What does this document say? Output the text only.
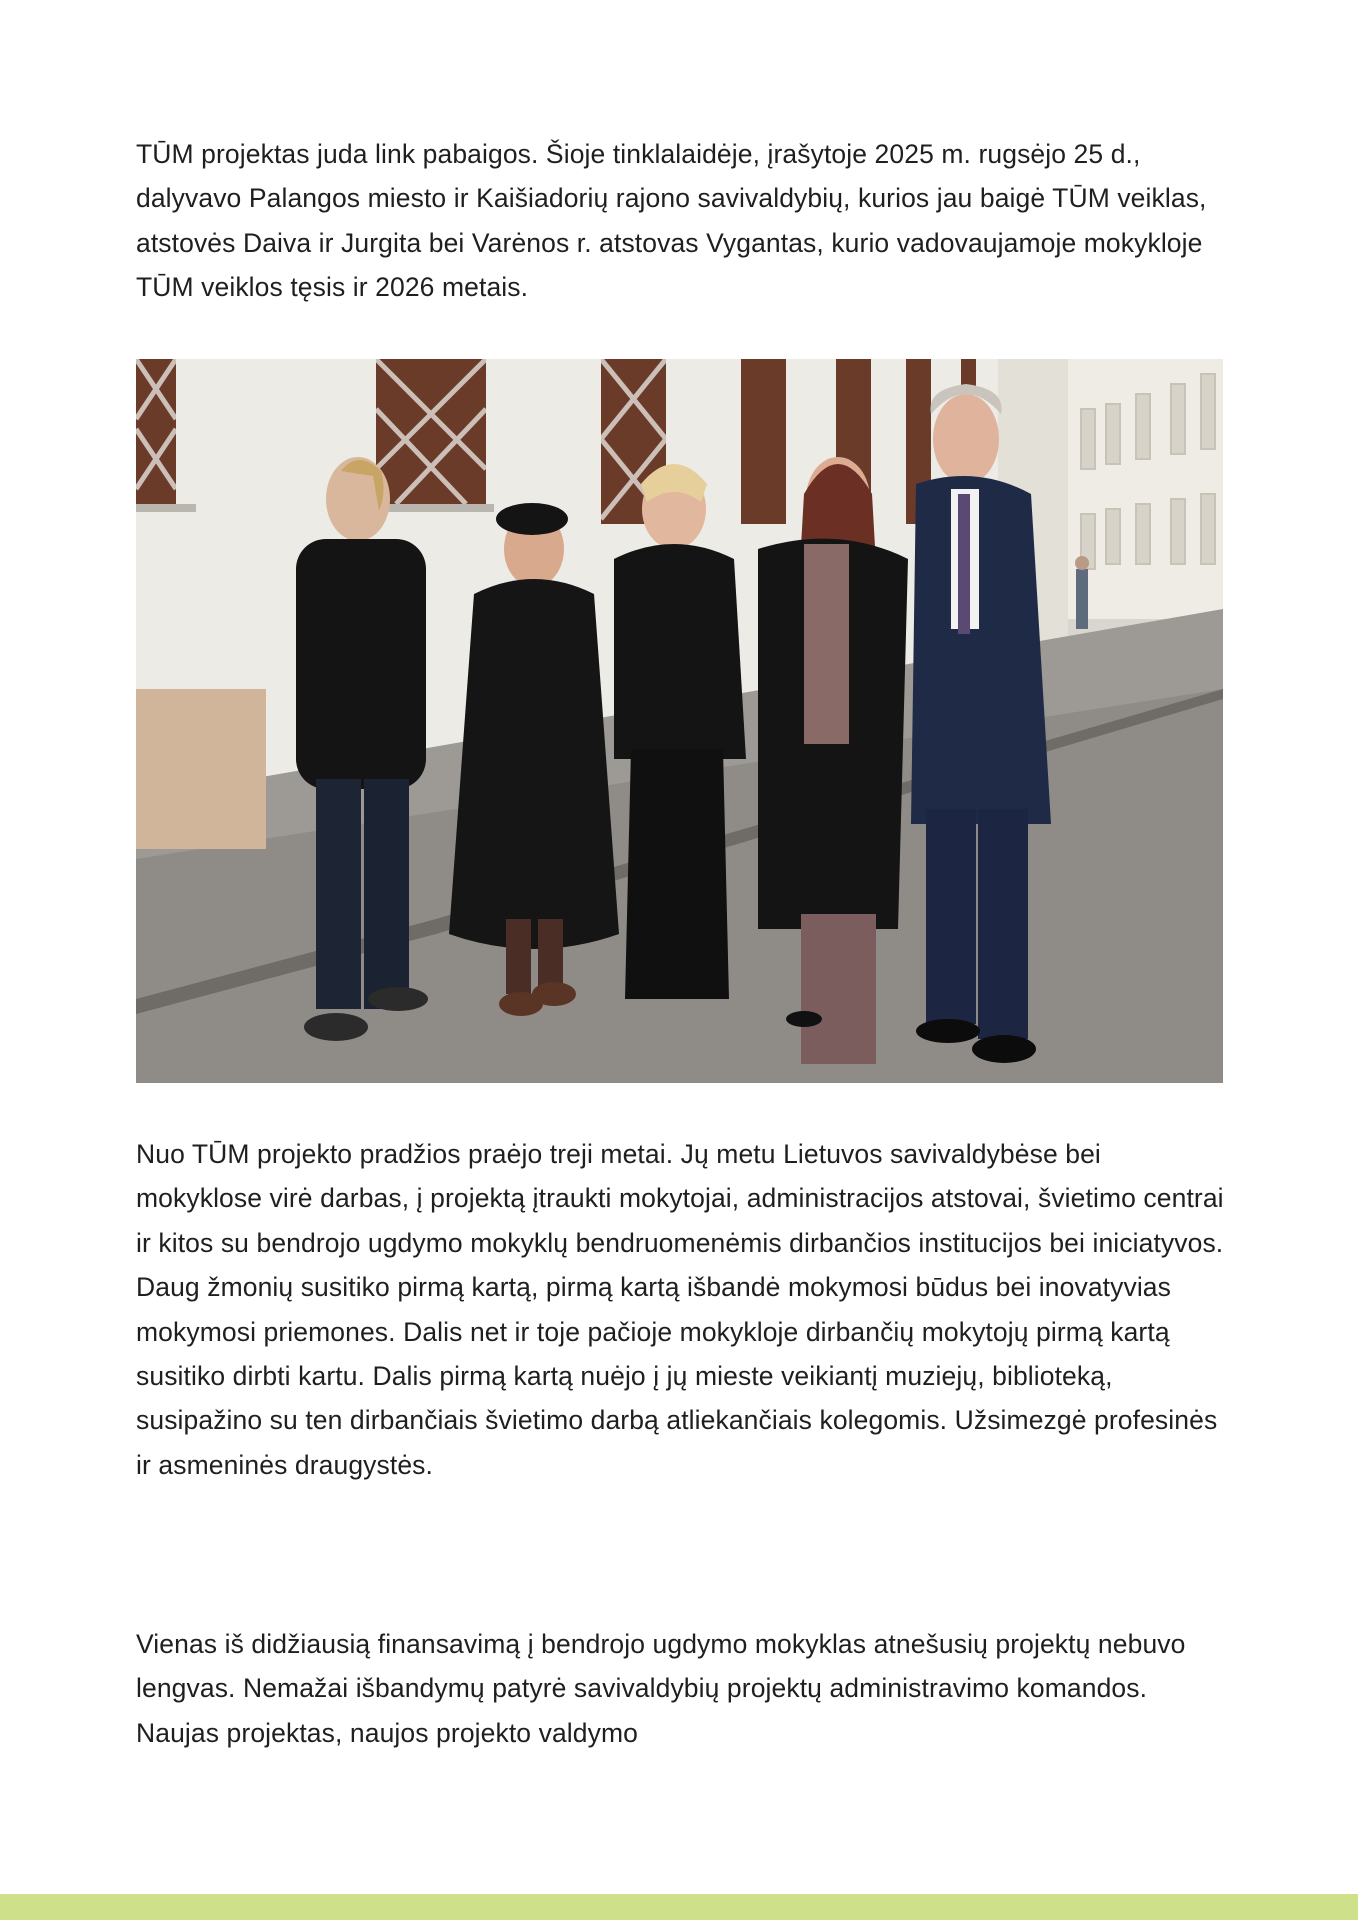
TŪM projektas juda link pabaigos. Šioje tinklalaidėje, įrašytoje 2025 m. rugsėjo 25 d., dalyvavo Palangos miesto ir Kaišiadorių rajono savivaldybių, kurios jau baigė TŪM veiklas, atstovės Daiva ir Jurgita bei Varėnos r. atstovas Vygantas, kurio vadovaujamoje mokykloje TŪM veiklos tęsis ir 2026 metais.

Nuo TŪM projekto pradžios praėjo treji metai. Jų metu Lietuvos savivaldybėse bei mokyklose virė darbas, į projektą įtraukti mokytojai, administracijos atstovai, švietimo centrai ir kitos su bendrojo ugdymo mokyklų bendruomenėmis dirbančios institucijos bei iniciatyvos. Daug žmonių susitiko pirmą kartą, pirmą kartą išbandė mokymosi būdus bei inovatyvias mokymosi priemones. Dalis net ir toje pačioje mokykloje dirbančių mokytojų pirmą kartą susitiko dirbti kartu. Dalis pirmą kartą nuėjo į jų mieste veikiantį muziejų, biblioteką, susipažino su ten dirbančiais švietimo darbą atliekančiais kolegomis. Užsimezgė profesinės ir asmeninės draugystės.

Vienas iš didžiausią finansavimą į bendrojo ugdymo mokyklas atnešusių projektų nebuvo lengvas. Nemažai išbandymų patyrė savivaldybių projektų administravimo komandos. Naujas projektas, naujos projekto valdymo
